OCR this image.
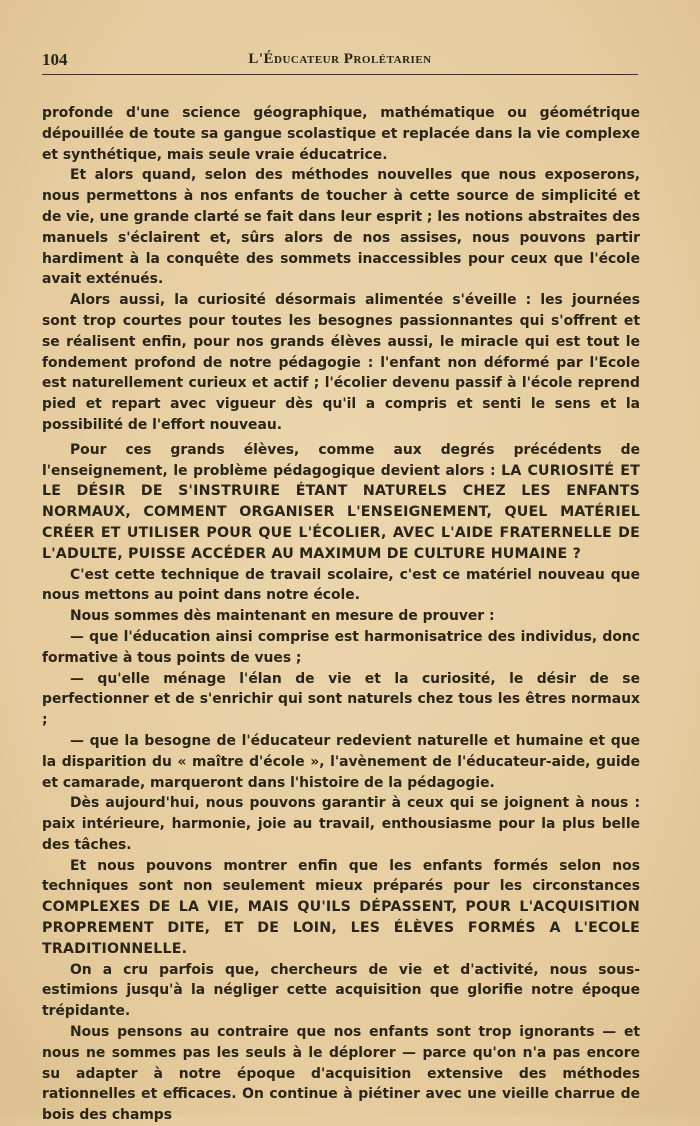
104	L'Éducateur Prolétarien

profonde d'une science géographique, mathématique ou géométrique dépouillée de toute sa gangue scolastique et replacée dans la vie complexe et synthétique, mais seule vraie éducatrice.

Et alors quand, selon des méthodes nouvelles que nous exposerons, nous permettons à nos enfants de toucher à cette source de simplicité et de vie, une grande clarté se fait dans leur esprit ; les notions abstraites des manuels s'éclairent et, sûrs alors de nos assises, nous pouvons partir hardiment à la conquête des sommets inaccessibles pour ceux que l'école avait exténués.

Alors aussi, la curiosité désormais alimentée s'éveille : les journées sont trop courtes pour toutes les besognes passionnantes qui s'offrent et se réalisent enfin, pour nos grands élèves aussi, le miracle qui est tout le fondement profond de notre pédagogie : l'enfant non déformé par l'Ecole est naturellement curieux et actif ; l'écolier devenu passif à l'école reprend pied et repart avec vigueur dès qu'il a compris et senti le sens et la possibilité de l'effort nouveau.

Pour ces grands élèves, comme aux degrés précédents de l'enseignement, le problème pédagogique devient alors : LA CURIOSITÉ ET LE DÉSIR DE S'INSTRUIRE ÉTANT NATURELS CHEZ LES ENFANTS NORMAUX, COMMENT ORGANISER L'ENSEIGNEMENT, QUEL MATÉRIEL CRÉER ET UTILISER POUR QUE L'ÉCOLIER, AVEC L'AIDE FRATERNELLE DE L'ADULTE, PUISSE ACCÉDER AU MAXIMUM DE CULTURE HUMAINE ?

C'est cette technique de travail scolaire, c'est ce matériel nouveau que nous mettons au point dans notre école.

Nous sommes dès maintenant en mesure de prouver :

— que l'éducation ainsi comprise est harmonisatrice des individus, donc formative à tous points de vues ;

— qu'elle ménage l'élan de vie et la curiosité, le désir de se perfectionner et de s'enrichir qui sont naturels chez tous les êtres normaux ;

— que la besogne de l'éducateur redevient naturelle et humaine et que la disparition du « maître d'école », l'avènement de l'éducateur-aide, guide et camarade, marqueront dans l'histoire de la pédagogie.

Dès aujourd'hui, nous pouvons garantir à ceux qui se joignent à nous : paix intérieure, harmonie, joie au travail, enthousiasme pour la plus belle des tâches.

Et nous pouvons montrer enfin que les enfants formés selon nos techniques sont non seulement mieux préparés pour les circonstances COMPLEXES DE LA VIE, MAIS QU'ILS DÉPASSENT, POUR L'ACQUISITION PROPREMENT DITE, ET DE LOIN, LES ÉLÈVES FORMÉS A L'ECOLE TRADITIONNELLE.

On a cru parfois que, chercheurs de vie et d'activité, nous sous-estimions jusqu'à la négliger cette acquisition que glorifie notre époque trépidante.

Nous pensons au contraire que nos enfants sont trop ignorants — et nous ne sommes pas les seuls à le déplorer — parce qu'on n'a pas encore su adapter à notre époque d'acquisition extensive des méthodes rationnelles et efficaces. On continue à piétiner avec une vieille charrue de bois des champs
